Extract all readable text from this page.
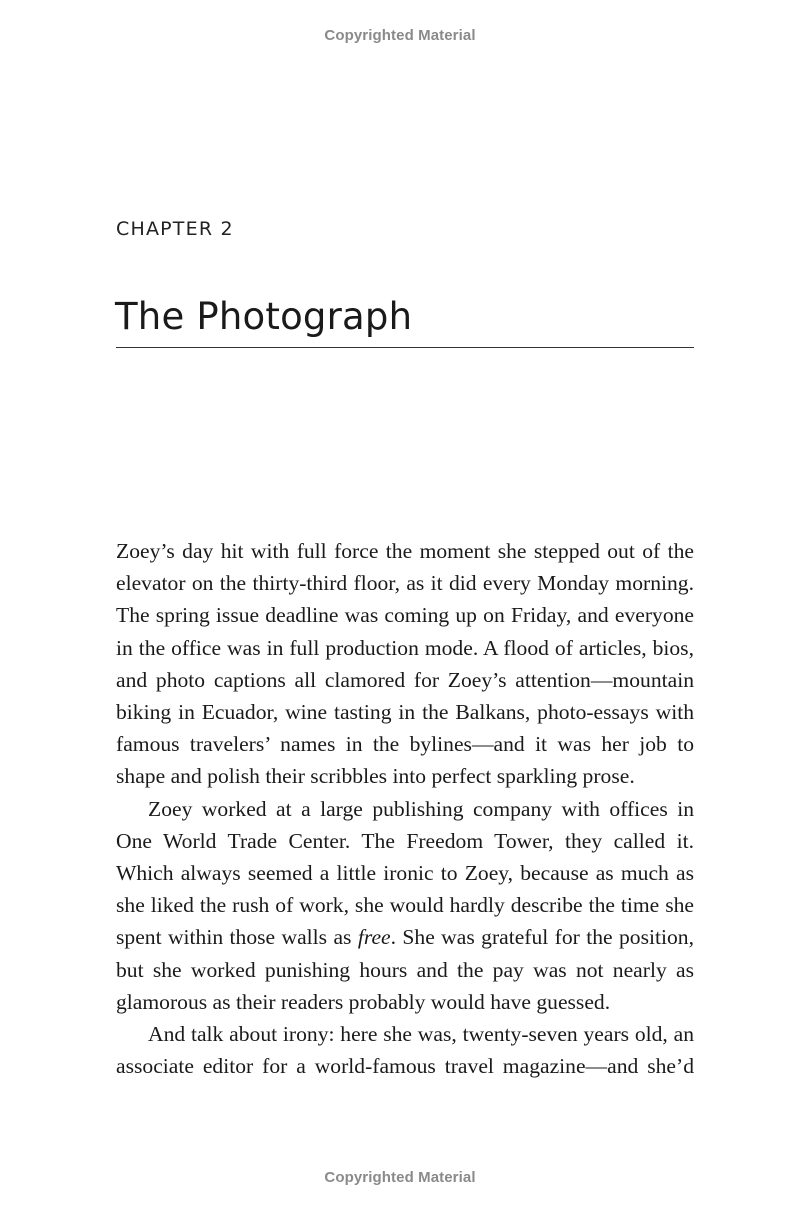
Copyrighted Material
CHAPTER 2
The Photograph

Zoey’s day hit with full force the moment she stepped out of the elevator on the thirty-third floor, as it did every Monday morning. The spring issue deadline was coming up on Friday, and everyone in the office was in full production mode. A flood of articles, bios, and photo captions all clamored for Zoey’s attention—mountain biking in Ecuador, wine tasting in the Balkans, photo-essays with famous travelers’ names in the bylines—and it was her job to shape and polish their scribbles into perfect sparkling prose.

Zoey worked at a large publishing company with offices in One World Trade Center. The Freedom Tower, they called it. Which always seemed a little ironic to Zoey, because as much as she liked the rush of work, she would hardly describe the time she spent within those walls as free. She was grateful for the position, but she worked punishing hours and the pay was not nearly as glamorous as their readers probably would have guessed.

And talk about irony: here she was, twenty-seven years old, an associate editor for a world-famous travel magazine—and she’d

Copyrighted Material
